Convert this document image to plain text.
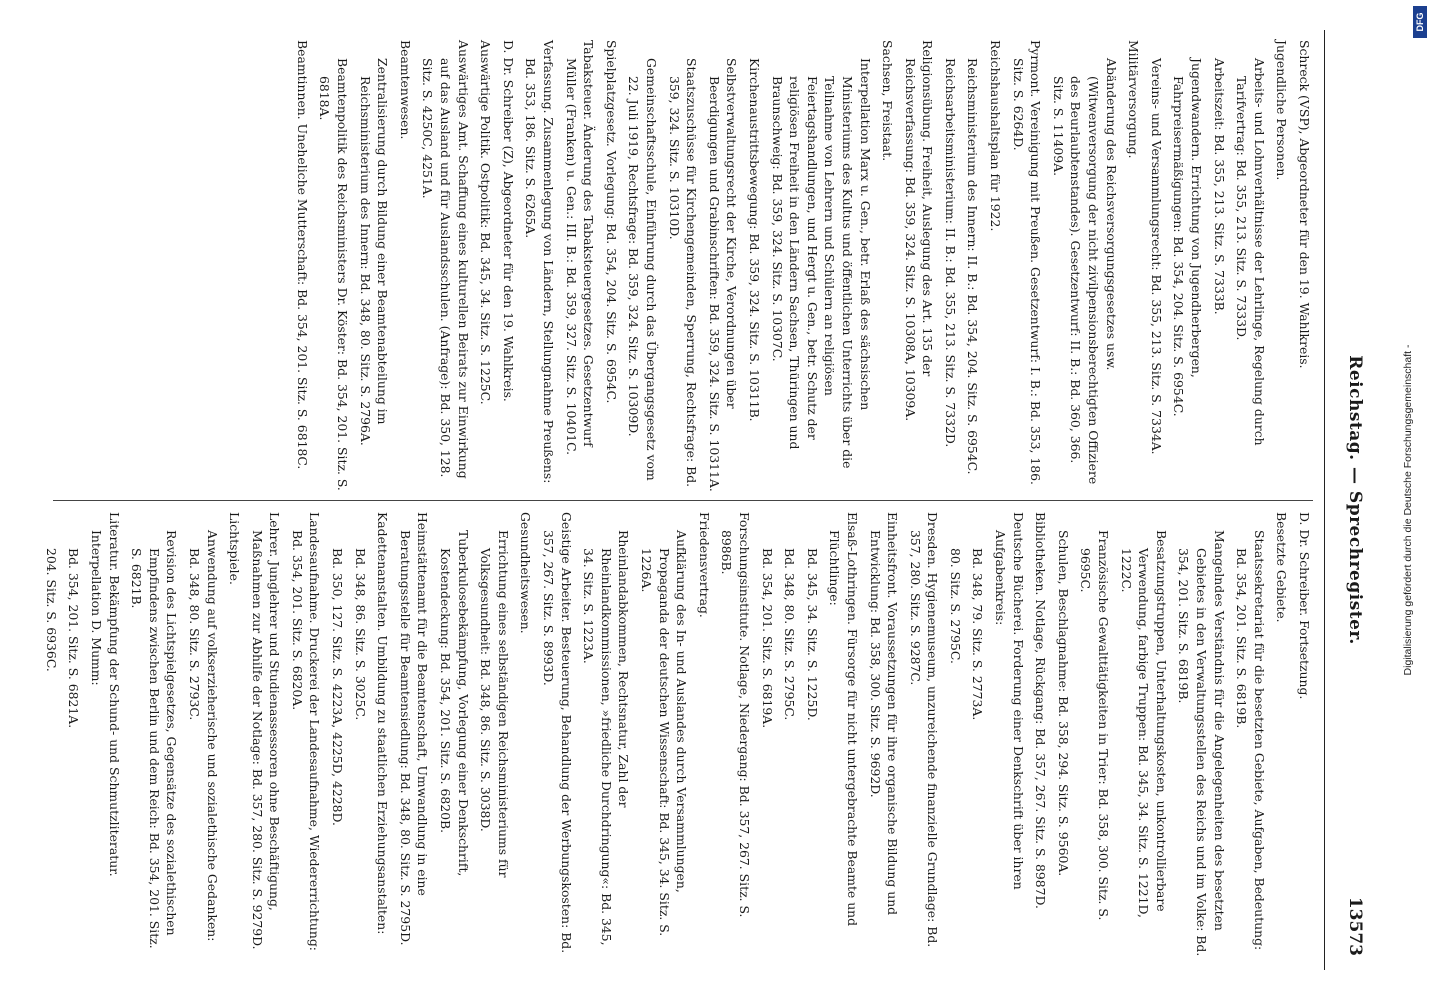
DFG
Digitalisierung gefördert durch die Deutsche Forschungsgemeinschaft -
Reichstag. — Sprechregister.
13573

Schreck (VSP), Abgeordneter für den 19. Wahlkreis.

Jugendliche Personen.

Arbeits- und Lohnverhältnisse der Lehrlinge, Regelung durch Tarifvertrag: Bd. 355, 213. Sitz. S. 7333D.

Arbeitszeit: Bd. 355, 213. Sitz. S. 7333B.

Jugendwandern. Errichtung von Jugendherbergen, Fahrpreisermäßigungen: Bd. 354, 204. Sitz. S. 6954C.

Vereins- und Versammlungsrecht: Bd. 355, 213. Sitz. S. 7334A.

Militärversorgung.

Abänderung des Reichsversorgungsgesetzes usw. (Witwenversorgung der nicht zivilpensionsberechtigten Offiziere des Beurlaubtenstandes). Gesetzentwurf: II. B.: Bd. 360, 366. Sitz. S. 11409A.

Pyrmont. Vereinigung mit Preußen. Gesetzentwurf: I. B.: Bd. 353, 186. Sitz. S. 6264D.

Reichshaushaltsplan für 1922.

Reichsministerium des Innern: II. B.: Bd. 354, 204. Sitz. S. 6954C.

Reichsarbeitsministerium: II. B.: Bd. 355, 213. Sitz. S. 7332D.

Religionsübung. Freiheit, Auslegung des Art. 135 der Reichsverfassung: Bd. 359, 324. Sitz. S. 10308A, 10309A.

Sachsen, Freistaat.

Interpellation Marx u. Gen., betr. Erlaß des sächsischen Ministeriums des Kultus und öffentlichen Unterrichts über die Teilnahme von Lehrern und Schülern an religiösen Feiertagshandlungen, und Hergt u. Gen., betr. Schutz der religiösen Freiheit in den Ländern Sachsen, Thüringen und Braunschweig: Bd. 359, 324. Sitz. S. 10307C.

Kirchenaustrittsbewegung: Bd. 359, 324. Sitz. S. 10311B.

Selbstverwaltungsrecht der Kirche, Verordnungen über Beerdigungen und Grabinschriften: Bd. 359, 324. Sitz. S. 10311A.

Staatszuschüsse für Kirchengemeinden, Sperrung, Rechtsfrage: Bd. 359, 324. Sitz. S. 10310D.

Gemeinschaftsschule, Einführung durch das Übergangsgesetz vom 22. Juli 1919, Rechtsfrage: Bd. 359, 324. Sitz. S. 10309D.

Spielplatzgesetz. Vorlegung: Bd. 354, 204. Sitz. S. 6954C.

Tabaksteuer. Änderung des Tabaksteuergesetzes. Gesetzentwurf Müller (Franken) u. Gen.: III. B.: Bd. 359, 327. Sitz. S. 10401C.

Verfassung. Zusammenlegung von Ländern, Stellungnahme Preußens: Bd. 353, 186. Sitz. S. 6265A.

D. Dr. Schreiber (Z), Abgeordneter für den 19. Wahlkreis.

Auswärtige Politik. Ostpolitik: Bd. 345, 34. Sitz. S. 1225C.

Auswärtiges Amt. Schaffung eines kulturellen Beirats zur Einwirkung auf das Ausland und für Auslandsschulen. (Anfrage): Bd. 350, 128. Sitz. S. 4250C, 4251A.

Beamtenwesen.

Zentralisierung durch Bildung einer Beamtenabteilung im Reichsministerium des Innern: Bd. 348, 80. Sitz. S. 2796A.

Beamtenpolitik des Reichsministers Dr. Köster: Bd. 354, 201. Sitz. S. 6818A.

Beamtinnen. Uneheliche Mutterschaft: Bd. 354, 201. Sitz. S. 6818C.

D. Dr. Schreiber. Fortsetzung.

Besetzte Gebiete.

Staatssekretariat für die besetzten Gebiete, Aufgaben, Bedeutung: Bd. 354, 201. Sitz. S. 6819B.

Mangelndes Verständnis für die Angelegenheiten des besetzten Gebietes in den Verwaltungsstellen des Reichs und im Volke: Bd. 354, 201. Sitz. S. 6819B.

Besatzungstruppen, Unterhaltungskosten, unkontrollierbare Verwendung, farbige Truppen: Bd. 345, 34. Sitz. S. 1221D, 1222C.

Französische Gewalttätigkeiten in Trier: Bd. 358, 300. Sitz. S. 9695C.

Schulen, Beschlagnahme: Bd. 358, 294. Sitz. S. 9560A.

Bibliotheken. Notlage, Rückgang: Bd. 357, 267. Sitz. S. 8987D.

Deutsche Bücherei. Forderung einer Denkschrift über ihren Aufgabenkreis:

Bd. 348, 79. Sitz. S. 2773A.

80. Sitz. S. 2795C.

Dresden. Hygienemuseum, unzureichende finanzielle Grundlage: Bd. 357, 280. Sitz. S. 9287C.

Einheitsfront. Voraussetzungen für ihre organische Bildung und Entwicklung: Bd. 358, 300. Sitz. S. 9692D.

Elsaß-Lothringen. Fürsorge für nicht untergebrachte Beamte und Flüchtlinge:

Bd. 345, 34. Sitz. S. 1225D.

Bd. 348, 80. Sitz. S. 2795C.

Bd. 354, 201. Sitz. S. 6819A.

Forschungsinstitute. Notlage, Niedergang: Bd. 357, 267. Sitz. S. 8986B.

Friedensvertrag.

Aufklärung des In- und Auslandes durch Versammlungen, Propaganda der deutschen Wissenschaft: Bd. 345, 34. Sitz. S. 1226A.

Rheinlandabkommen, Rechtsnatur, Zahl der Rheinlandkommissionen, »friedliche Durchdringung«: Bd. 345, 34. Sitz. S. 1223A.

Geistige Arbeiter. Besteuerung, Behandlung der Werbungskosten: Bd. 357, 267. Sitz. S. 8993D.

Gesundheitswesen.

Errichtung eines selbständigen Reichsministeriums für Volksgesundheit: Bd. 348, 86. Sitz. S. 3038D.

Tuberkulosebekämpfung, Vorlegung einer Denkschrift, Kostendeckung: Bd. 354, 201. Sitz. S. 6820B.

Heimstättenamt für die Beamtenschaft, Umwandlung in eine Beratungsstelle für Beamtensiedlung: Bd. 348, 80. Sitz. S. 2795D.

Kadettenanstalten. Umbildung zu staatlichen Erziehungsanstalten:

Bd. 348, 86. Sitz. S. 3025C.

Bd. 350, 127. Sitz. S. 4223A, 4225D, 4228D.

Landesaufnahme. Druckerei der Landesaufnahme, Wiedererrichtung: Bd. 354, 201. Sitz. S. 6820A.

Lehrer. Junglehrer und Studienassessoren ohne Beschäftigung, Maßnahmen zur Abhilfe der Notlage: Bd. 357, 280. Sitz. S. 9279D.

Lichtspiele.

Anwendung auf volkserzieherische und sozialethische Gedanken: Bd. 348, 80. Sitz. S. 2793C.

Revision des Lichtspielgesetzes, Gegensätze des sozialethischen Empfindens zwischen Berlin und dem Reich: Bd. 354, 201. Sitz. S. 6821B.

Literatur. Bekämpfung der Schund- und Schmutzliteratur. Interpellation D. Mumm:

Bd. 354, 201. Sitz. S. 6821A.

204. Sitz. S. 6936C.
